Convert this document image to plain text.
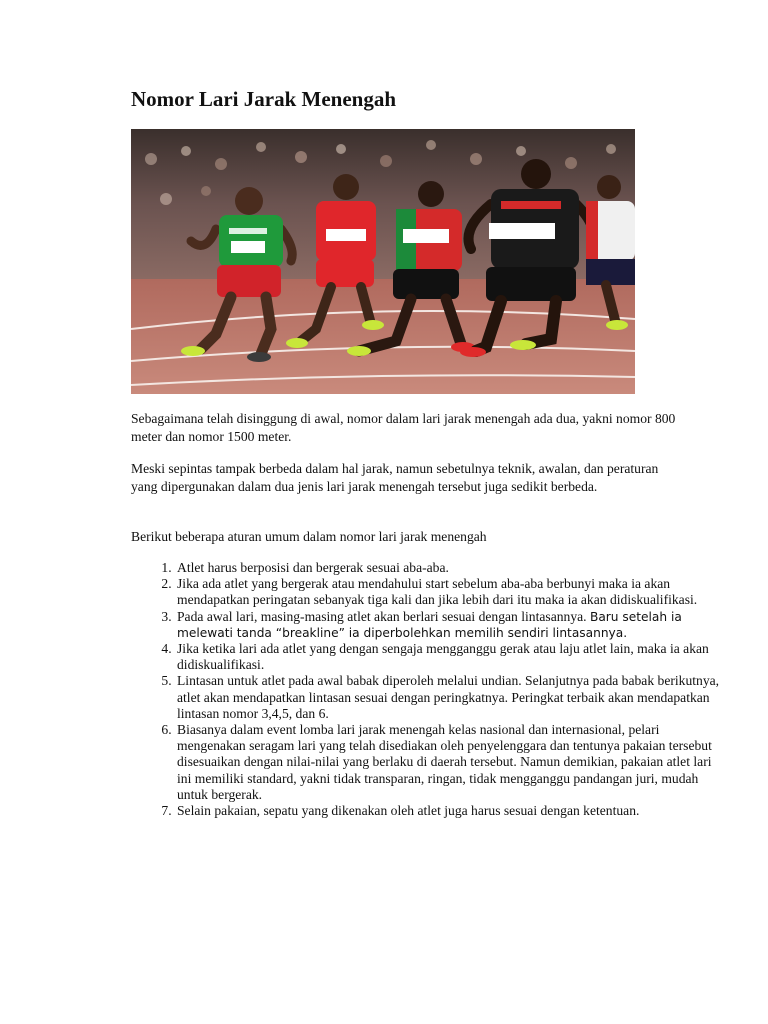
Nomor Lari Jarak Menengah

Sebagaimana telah disinggung di awal, nomor dalam lari jarak menengah ada dua, yakni nomor 800 meter dan nomor 1500 meter.

Meski sepintas tampak berbeda dalam hal jarak, namun sebetulnya teknik, awalan, dan peraturan yang dipergunakan dalam dua jenis lari jarak menengah tersebut juga sedikit berbeda.

Berikut beberapa aturan umum dalam nomor lari jarak menengah

1. Atlet harus berposisi dan bergerak sesuai aba-aba.
2. Jika ada atlet yang bergerak atau mendahului start sebelum aba-aba berbunyi maka ia akan mendapatkan peringatan sebanyak tiga kali dan jika lebih dari itu maka ia akan didiskualifikasi.
3. Pada awal lari, masing-masing atlet akan berlari sesuai dengan lintasannya. Baru setelah ia melewati tanda “breakline” ia diperbolehkan memilih sendiri lintasannya.
4. Jika ketika lari ada atlet yang dengan sengaja mengganggu gerak atau laju atlet lain, maka ia akan didiskualifikasi.
5. Lintasan untuk atlet pada awal babak diperoleh melalui undian. Selanjutnya pada babak berikutnya, atlet akan mendapatkan lintasan sesuai dengan peringkatnya. Peringkat terbaik akan mendapatkan lintasan nomor 3,4,5, dan 6.
6. Biasanya dalam event lomba lari jarak menengah kelas nasional dan internasional, pelari mengenakan seragam lari yang telah disediakan oleh penyelenggara dan tentunya pakaian tersebut disesuaikan dengan nilai-nilai yang berlaku di daerah tersebut. Namun demikian, pakaian atlet lari ini memiliki standard, yakni tidak transparan, ringan, tidak mengganggu pandangan juri, mudah untuk bergerak.
7. Selain pakaian, sepatu yang dikenakan oleh atlet juga harus sesuai dengan ketentuan.
